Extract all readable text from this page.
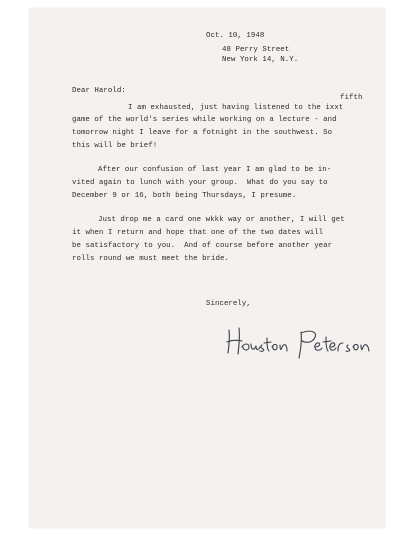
Oct. 10, 1948
48 Perry Street
New York 14, N.Y.
Dear Harold:
fifth
I am exhausted, just having listened to the ixxt
game of the world's series while working on a lecture - and
tomorrow night I leave for a fotnight in the southwest. So
this will be brief!
After our confusion of last year I am glad to be in-
vited again to lunch with your group.  What do you say to
December 9 or 16, both being Thursdays, I presume.
Just drop me a card one wkkk way or another, I will get
it when I return and hope that one of the two dates will
be satisfactory to you.  And of course before another year
rolls round we must meet the bride.
Sincerely,
